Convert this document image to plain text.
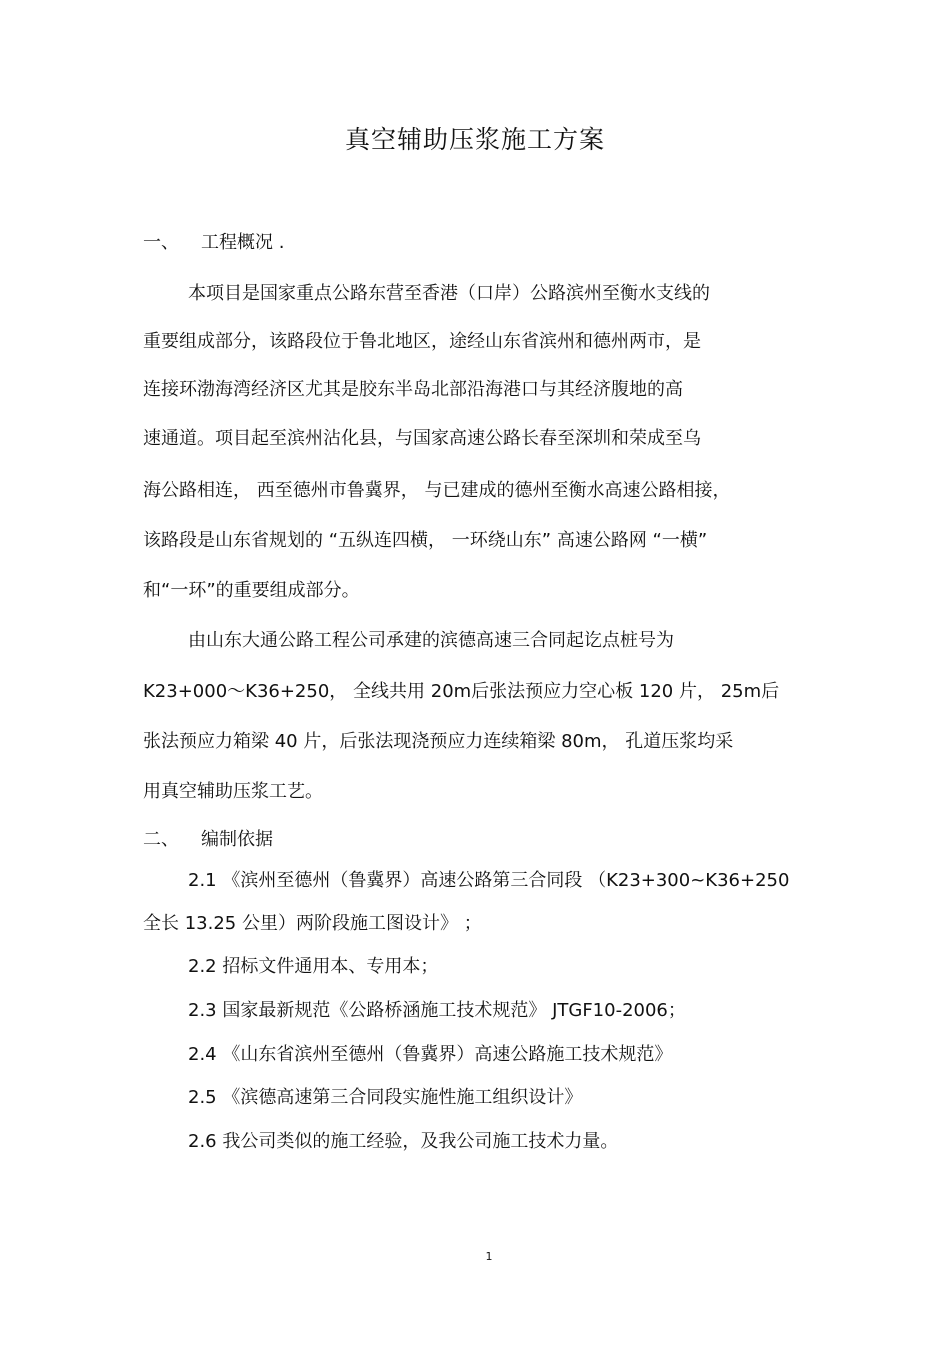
真空辅助压浆施工方案
一、 工程概况 .
本项目是国家重点公路东营至香港（口岸）公路滨州至衡水支线的
重要组成部分，该路段位于鲁北地区，途经山东省滨州和德州两市，是
连接环渤海湾经济区尤其是胶东半岛北部沿海港口与其经济腹地的高
速通道。项目起至滨州沾化县，与国家高速公路长春至深圳和荣成至乌
海公路相连， 西至德州市鲁冀界， 与已建成的德州至衡水高速公路相接，
该路段是山东省规划的 “五纵连四横， 一环绕山东” 高速公路网 “一横”
和“一环”的重要组成部分。
由山东大通公路工程公司承建的滨德高速三合同起讫点桩号为
K23+000～K36+250， 全线共用 20m后张法预应力空心板 120 片， 25m后
张法预应力箱梁 40 片，后张法现浇预应力连续箱梁 80m， 孔道压浆均采
用真空辅助压浆工艺。
二、 编制依据
2.1 《滨州至德州（鲁冀界）高速公路第三合同段 （K23+300~K36+250
全长 13.25 公里）两阶段施工图设计》 ；
2.2 招标文件通用本、专用本；
2.3 国家最新规范《公路桥涵施工技术规范》 JTGF10-2006；
2.4 《山东省滨州至德州（鲁冀界）高速公路施工技术规范》
2.5 《滨德高速第三合同段实施性施工组织设计》
2.6 我公司类似的施工经验，及我公司施工技术力量。
1
